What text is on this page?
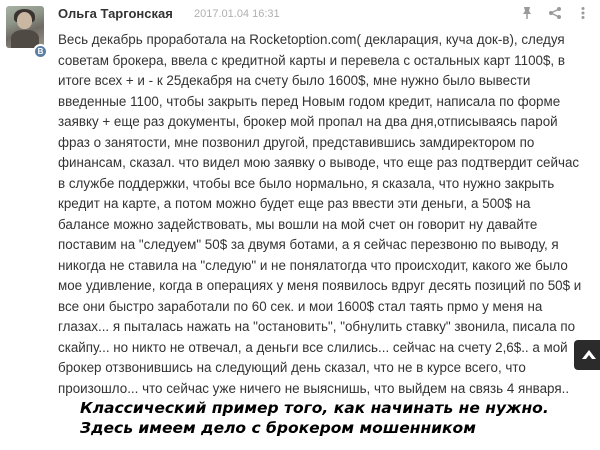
В
Ольга Таргонская 2017.01.04 16:31
Весь декабрь проработала на Rocketoption.com( декларация, куча док-в), следуя
советам брокера, ввела с кредитной карты и перевела с остальных карт 1100$, в
итоге всех + и - к 25декабря на счету было 1600$, мне нужно было вывести
введенные 1100, чтобы закрыть перед Новым годом кредит, написала по форме
заявку + еще раз документы, брокер мой пропал на два дня,отписываясь парой
фраз о занятости, мне позвонил другой, представившись замдиректором по
финансам, сказал. что видел мою заявку о выводе, что еще раз подтвердит сейчас
в службе поддержки, чтобы все было нормально, я сказала, что нужно закрыть
кредит на карте, а потом можно будет еще раз ввести эти деньги, а 500$ на
балансе можно задействовать, мы вошли на мой счет он говорит ну давайте
поставим на "следуем" 50$ за двумя ботами, а я сейчас перезвоню по выводу, я
никогда не ставила на "следую" и не понялатогда что происходит, какого же было
мое удивление, когда в операциях у меня появилось вдруг десять позиций по 50$ и
все они быстро заработали по 60 сек. и мои 1600$ стал таять прмо у меня на
глазах... я пыталась нажать на "остановить", "обнулить ставку" звонила, писала по
скайпу... но никто не отвечал, а деньги все слились... сейчас на счету 2,6$.. а мой
брокер отзвонившись на следующий день сказал, что не в курсе всего, что
произошло... что сейчас уже ничего не выяснишь, что выйдем на связь 4 января..
Классический пример того, как начинать не нужно.
Здесь имеем дело с брокером мошенником
